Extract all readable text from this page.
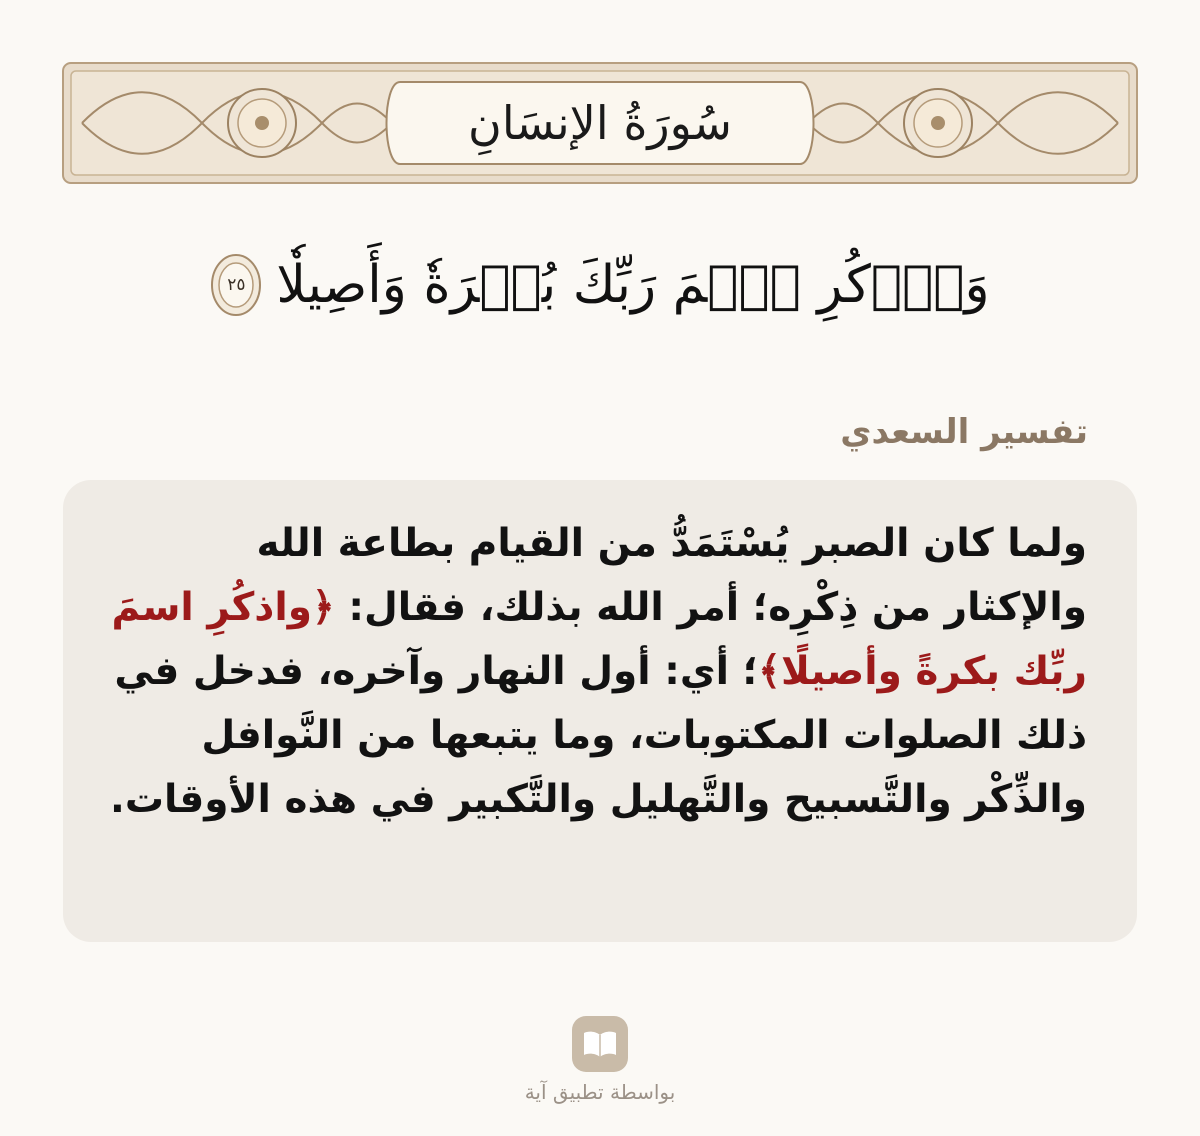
سُورَةُ الإنسَانِ
وَٱذۡكُرِ ٱسۡمَ رَبِّكَ بُكۡرَةٗ وَأَصِيلٗا
٢٥
تفسير السعدي
ولما كان الصبر يُسْتَمَدُّ من القيام بطاعة الله والإكثار من ذِكْرِه؛ أمر الله بذلك، فقال: ﴿واذكُرِ اسمَ ربِّك بكرةً وأصيلًا﴾؛ أي: أول النهار وآخره، فدخل في ذلك الصلوات المكتوبات، وما يتبعها من النَّوافل والذِّكْر والتَّسبيح والتَّهليل والتَّكبير في هذه الأوقات.
بواسطة تطبيق آية
